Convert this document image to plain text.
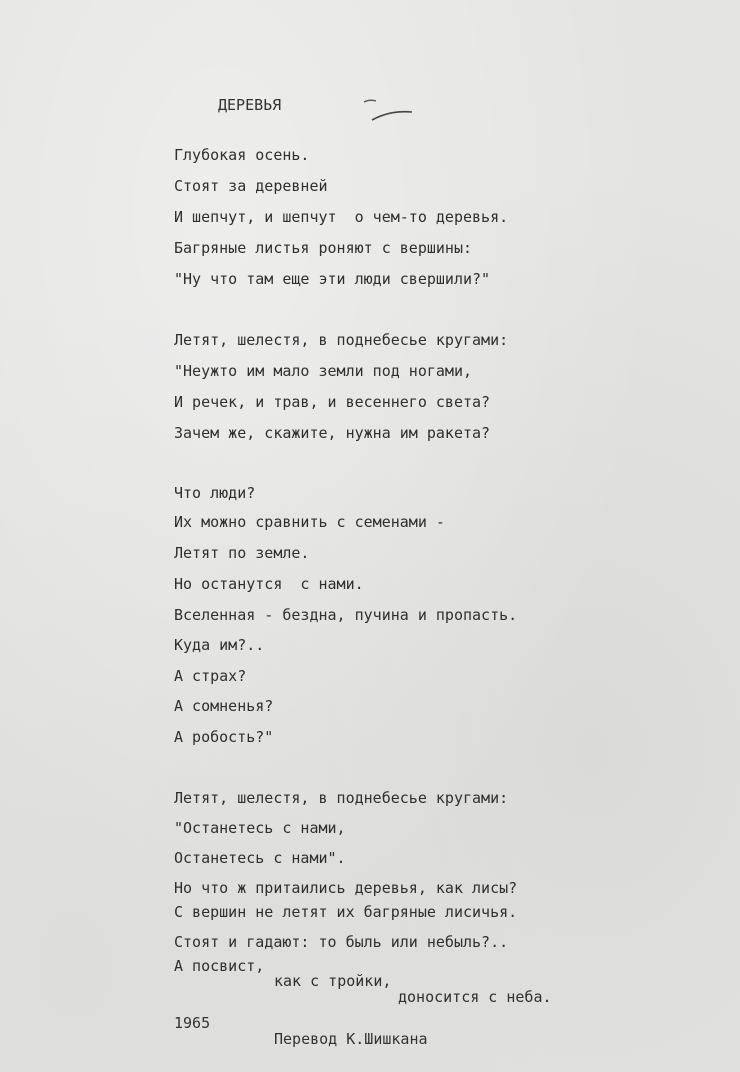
ДЕРЕВЬЯ
Глубокая осень.
Стоят за деревней
И шепчут, и шепчут  о чем-то деревья.
Багряные листья роняют с вершины:
"Ну что там еще эти люди свершили?"
Летят, шелестя, в поднебесье кругами:
"Неужто им мало земли под ногами,
И речек, и трав, и весеннего света?
Зачем же, скажите, нужна им ракета?
Что люди?
Их можно сравнить с семенами -
Летят по земле.
Но останутся  с нами.
Вселенная - бездна, пучина и пропасть.
Куда им?..
А страх?
А сомненья?
А робость?"
Летят, шелестя, в поднебесье кругами:
"Останетесь с нами,
Останетесь с нами".
Но что ж притаились деревья, как лисы?
С вершин не летят их багряные лисичья.
Стоят и гадают: то быль или небыль?..
А посвист,
как с тройки,
доносится с неба.
1965
Перевод К.Шишкана
